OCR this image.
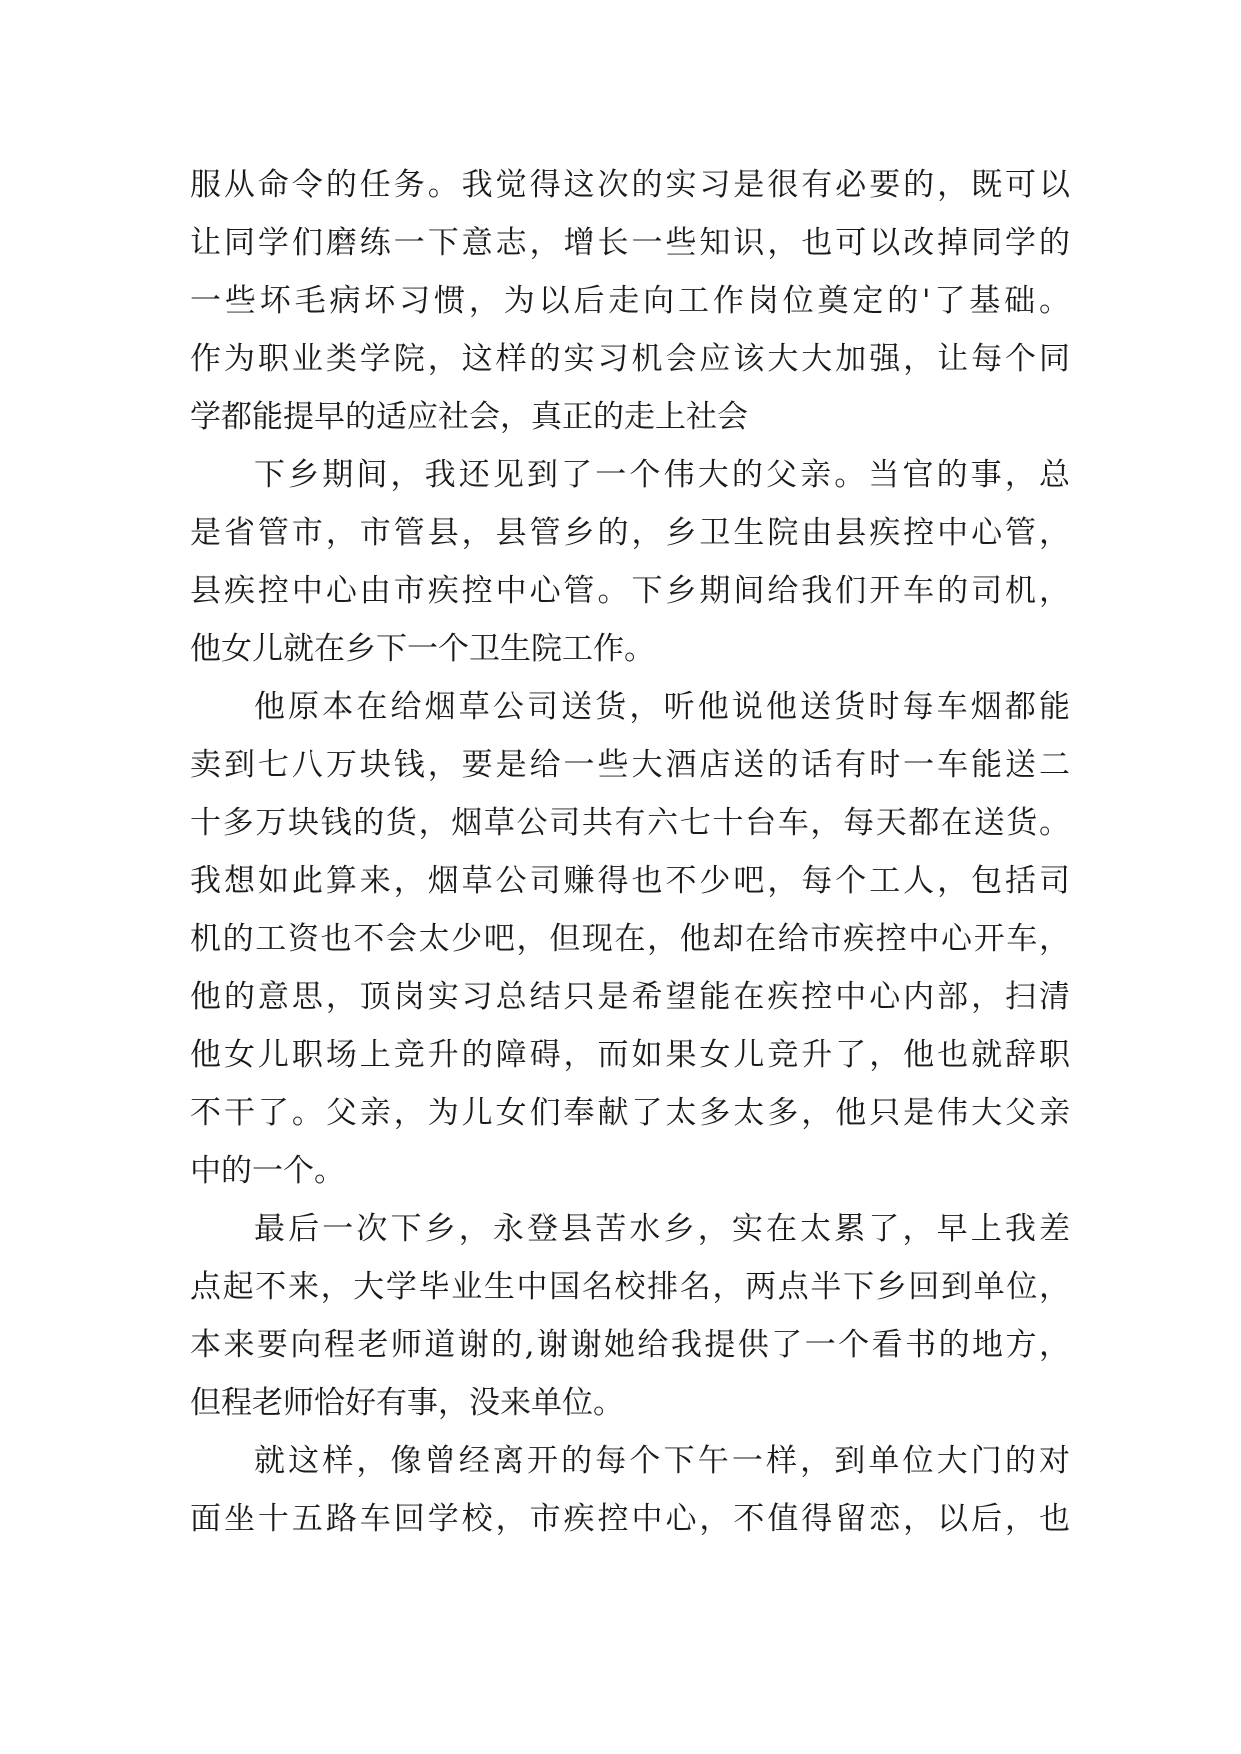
服从命令的任务。我觉得这次的实习是很有必要的，既可以
让同学们磨练一下意志，增长一些知识，也可以改掉同学的
一些坏毛病坏习惯，为以后走向工作岗位奠定的'了基础。
作为职业类学院，这样的实习机会应该大大加强，让每个同
学都能提早的适应社会，真正的走上社会
下乡期间，我还见到了一个伟大的父亲。当官的事，总
是省管市，市管县，县管乡的，乡卫生院由县疾控中心管，
县疾控中心由市疾控中心管。下乡期间给我们开车的司机，
他女儿就在乡下一个卫生院工作。
他原本在给烟草公司送货，听他说他送货时每车烟都能
卖到七八万块钱，要是给一些大酒店送的话有时一车能送二
十多万块钱的货，烟草公司共有六七十台车，每天都在送货。
我想如此算来，烟草公司赚得也不少吧，每个工人，包括司
机的工资也不会太少吧，但现在，他却在给市疾控中心开车，
他的意思，顶岗实习总结只是希望能在疾控中心内部，扫清
他女儿职场上竞升的障碍，而如果女儿竞升了，他也就辞职
不干了。父亲，为儿女们奉献了太多太多，他只是伟大父亲
中的一个。
最后一次下乡，永登县苦水乡，实在太累了，早上我差
点起不来，大学毕业生中国名校排名，两点半下乡回到单位，
本来要向程老师道谢的,谢谢她给我提供了一个看书的地方，
但程老师恰好有事，没来单位。
就这样，像曾经离开的每个下午一样，到单位大门的对
面坐十五路车回学校，市疾控中心，不值得留恋，以后，也
